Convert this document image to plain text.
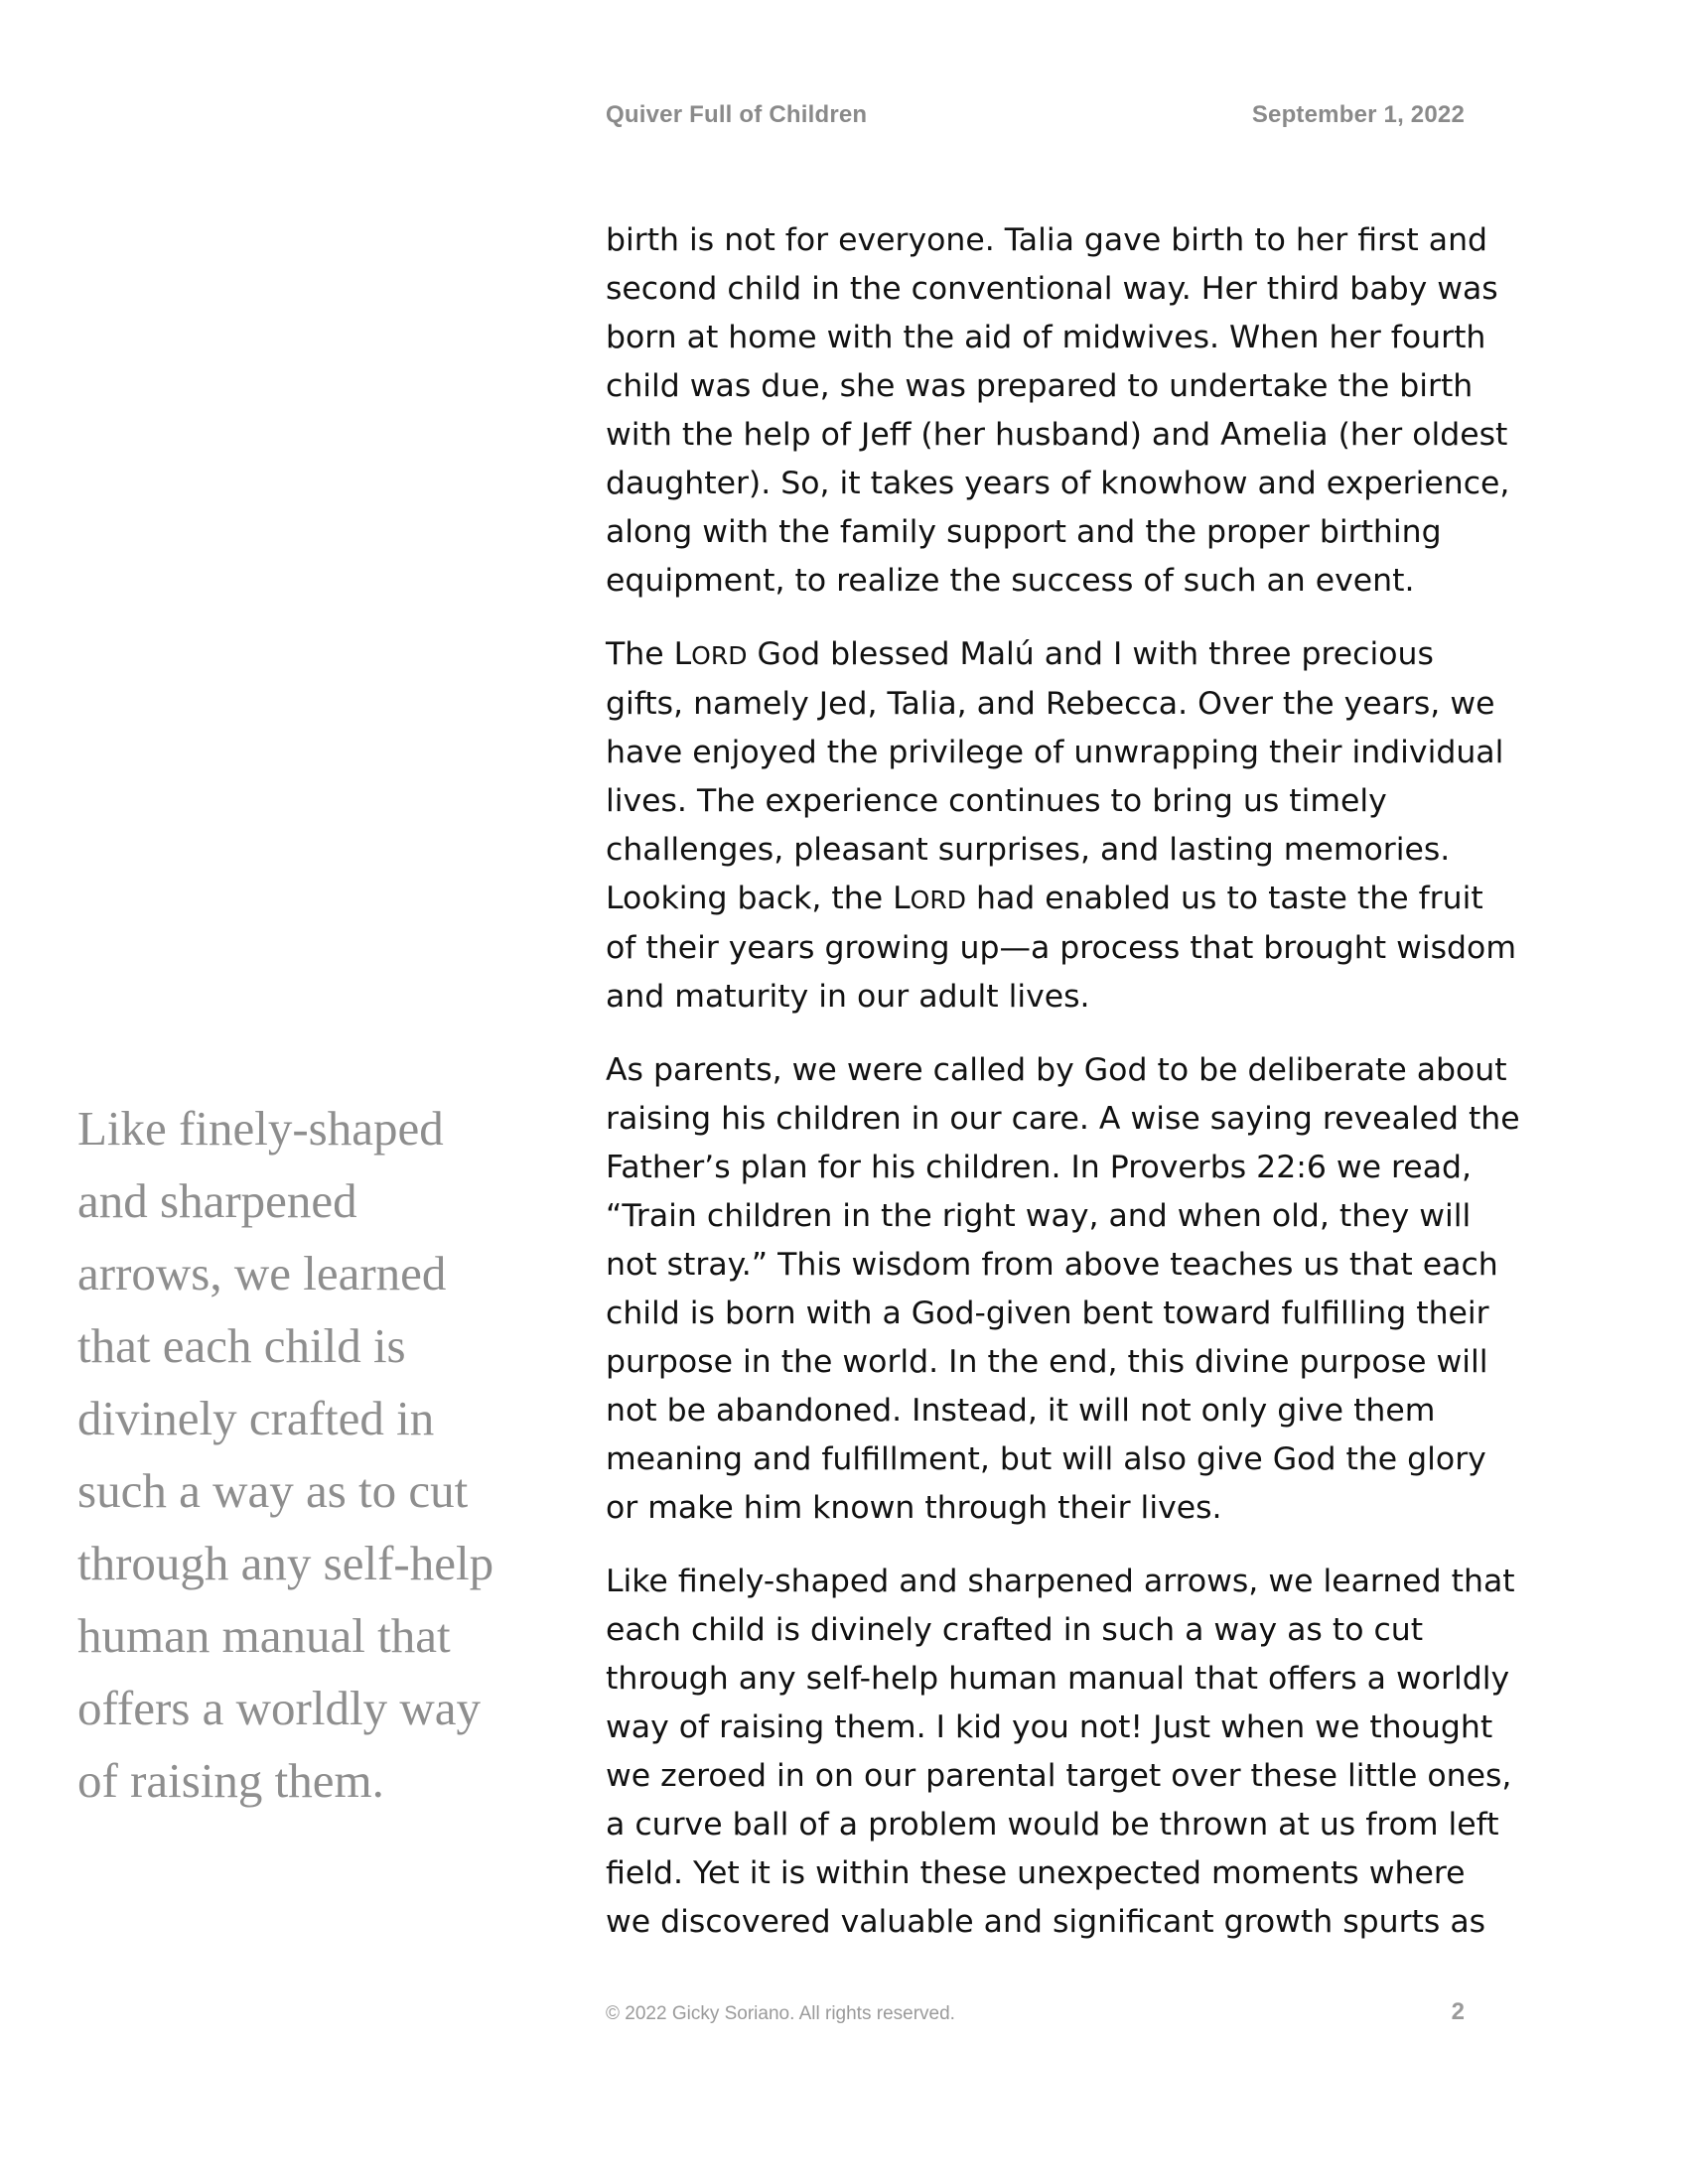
Quiver Full of Children	September 1, 2022
Like finely-shaped
and sharpened
arrows, we learned
that each child is
divinely crafted in
such a way as to cut
through any self-help
human manual that
offers a worldly way
of raising them.

birth is not for everyone. Talia gave birth to her first and
second child in the conventional way. Her third baby was
born at home with the aid of midwives. When her fourth
child was due, she was prepared to undertake the birth
with the help of Jeff (her husband) and Amelia (her oldest
daughter). So, it takes years of knowhow and experience,
along with the family support and the proper birthing
equipment, to realize the success of such an event.

The LORD God blessed Malú and I with three precious
gifts, namely Jed, Talia, and Rebecca. Over the years, we
have enjoyed the privilege of unwrapping their individual
lives. The experience continues to bring us timely
challenges, pleasant surprises, and lasting memories.
Looking back, the LORD had enabled us to taste the fruit
of their years growing up—a process that brought wisdom
and maturity in our adult lives.

As parents, we were called by God to be deliberate about
raising his children in our care. A wise saying revealed the
Father’s plan for his children. In Proverbs 22:6 we read,
“Train children in the right way, and when old, they will
not stray.” This wisdom from above teaches us that each
child is born with a God-given bent toward fulfilling their
purpose in the world. In the end, this divine purpose will
not be abandoned. Instead, it will not only give them
meaning and fulfillment, but will also give God the glory
or make him known through their lives.

Like finely-shaped and sharpened arrows, we learned that
each child is divinely crafted in such a way as to cut
through any self-help human manual that offers a worldly
way of raising them. I kid you not! Just when we thought
we zeroed in on our parental target over these little ones,
a curve ball of a problem would be thrown at us from left
field. Yet it is within these unexpected moments where
we discovered valuable and significant growth spurts as

© 2022 Gicky Soriano. All rights reserved.	2
